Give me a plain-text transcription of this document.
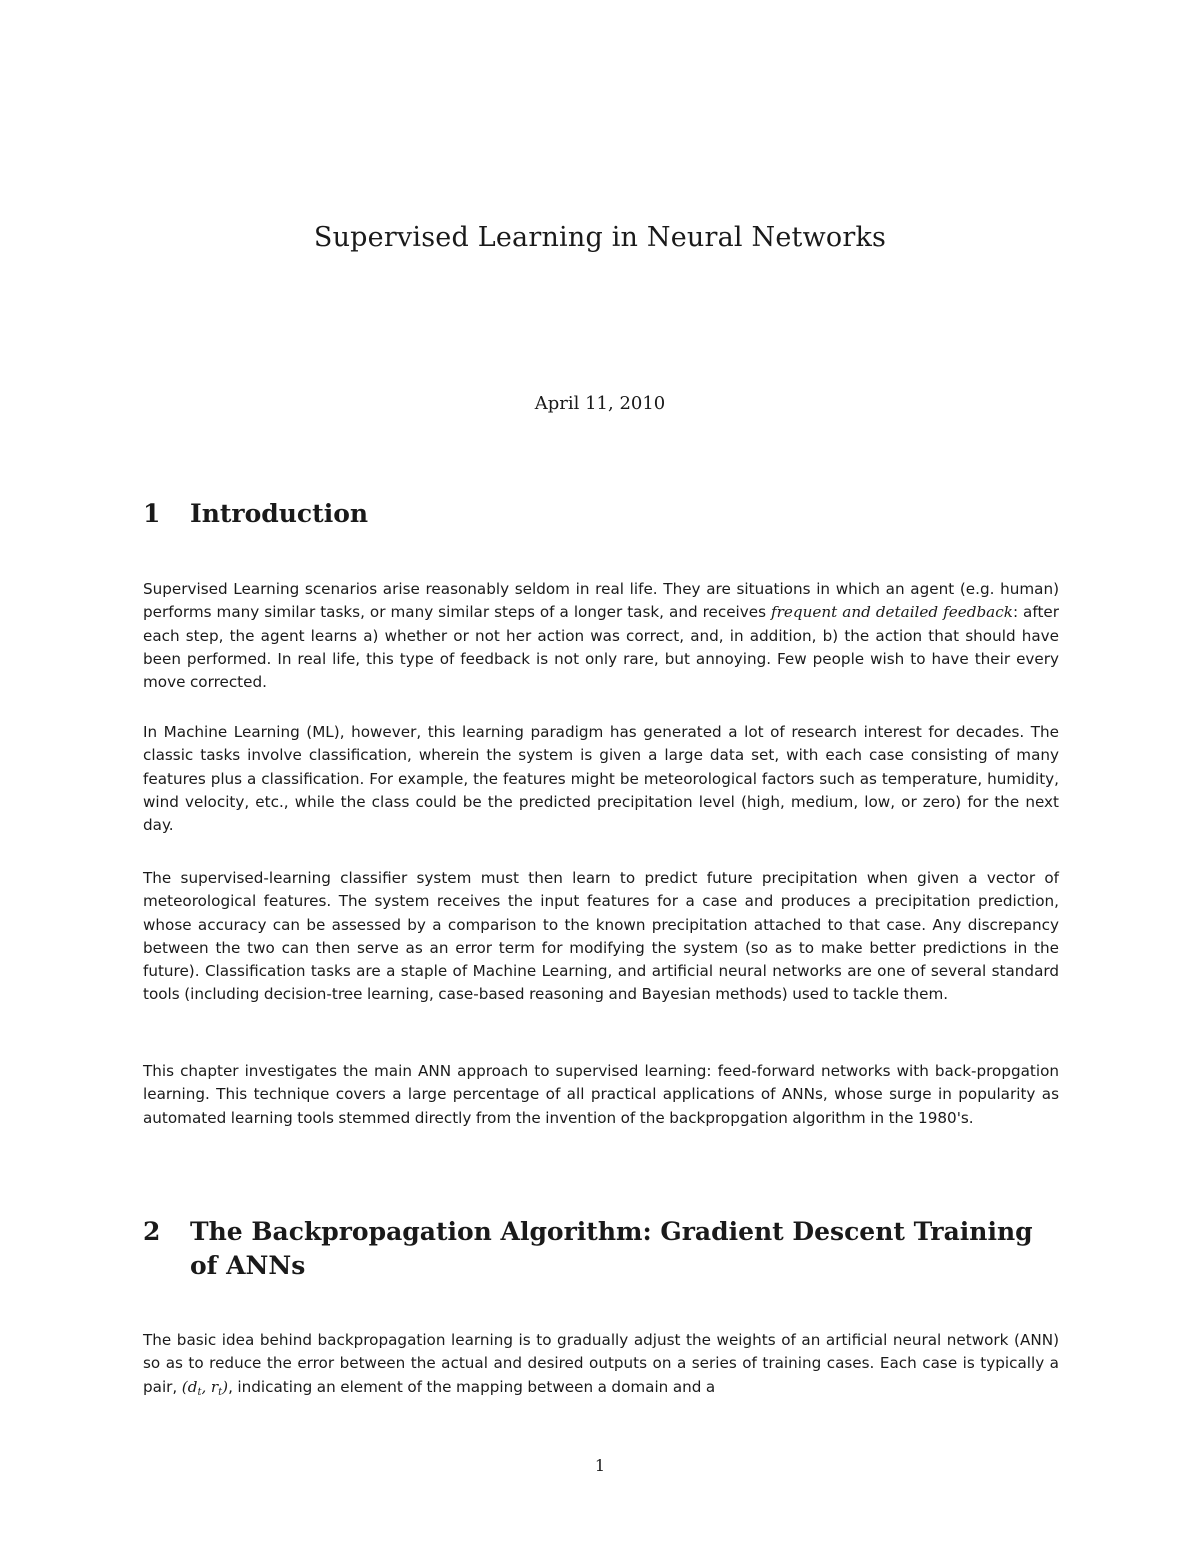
Supervised Learning in Neural Networks
April 11, 2010
1	Introduction

Supervised Learning scenarios arise reasonably seldom in real life. They are situations in which an agent (e.g. human) performs many similar tasks, or many similar steps of a longer task, and receives frequent and detailed feedback: after each step, the agent learns a) whether or not her action was correct, and, in addition, b) the action that should have been performed. In real life, this type of feedback is not only rare, but annoying. Few people wish to have their every move corrected.

In Machine Learning (ML), however, this learning paradigm has generated a lot of research interest for decades. The classic tasks involve classification, wherein the system is given a large data set, with each case consisting of many features plus a classification. For example, the features might be meteorological factors such as temperature, humidity, wind velocity, etc., while the class could be the predicted precipitation level (high, medium, low, or zero) for the next day.

The supervised-learning classifier system must then learn to predict future precipitation when given a vector of meteorological features. The system receives the input features for a case and produces a precipitation prediction, whose accuracy can be assessed by a comparison to the known precipitation attached to that case. Any discrepancy between the two can then serve as an error term for modifying the system (so as to make better predictions in the future). Classification tasks are a staple of Machine Learning, and artificial neural networks are one of several standard tools (including decision-tree learning, case-based reasoning and Bayesian methods) used to tackle them.

This chapter investigates the main ANN approach to supervised learning: feed-forward networks with back-propgation learning. This technique covers a large percentage of all practical applications of ANNs, whose surge in popularity as automated learning tools stemmed directly from the invention of the backpropgation algorithm in the 1980's.

2	The Backpropagation Algorithm: Gradient Descent Training of ANNs

The basic idea behind backpropagation learning is to gradually adjust the weights of an artificial neural network (ANN) so as to reduce the error between the actual and desired outputs on a series of training cases. Each case is typically a pair, ($d_t$, $r_t$), indicating an element of the mapping between a domain and a

1
